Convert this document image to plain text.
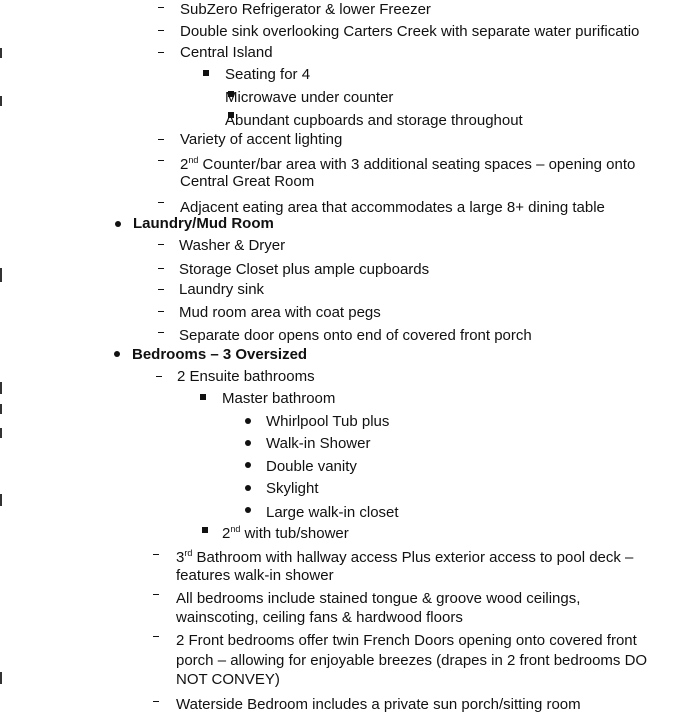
SubZero Refrigerator & lower Freezer
Double sink overlooking Carters Creek with separate water purificatio
Central Island
Seating for 4
Microwave under counter
Abundant cupboards and storage throughout
Variety of accent lighting
2nd Counter/bar area with 3 additional seating spaces – opening onto
Central Great Room
Adjacent eating area that accommodates a large 8+ dining table
Laundry/Mud Room
Washer & Dryer
Storage Closet plus ample cupboards
Laundry sink
Mud room area with coat pegs
Separate door opens onto end of covered front porch
Bedrooms – 3 Oversized
2 Ensuite bathrooms
Master bathroom
Whirlpool Tub plus
Walk-in Shower
Double vanity
Skylight
Large walk-in closet
2nd with tub/shower
3rd Bathroom with hallway access Plus exterior access to pool deck –
features walk-in shower
All bedrooms include stained tongue & groove wood ceilings,
wainscoting, ceiling fans & hardwood floors
2 Front bedrooms offer twin French Doors opening onto covered front
porch – allowing for enjoyable breezes (drapes in 2 front bedrooms DO
NOT CONVEY)
Waterside Bedroom includes a private sun porch/sitting room
